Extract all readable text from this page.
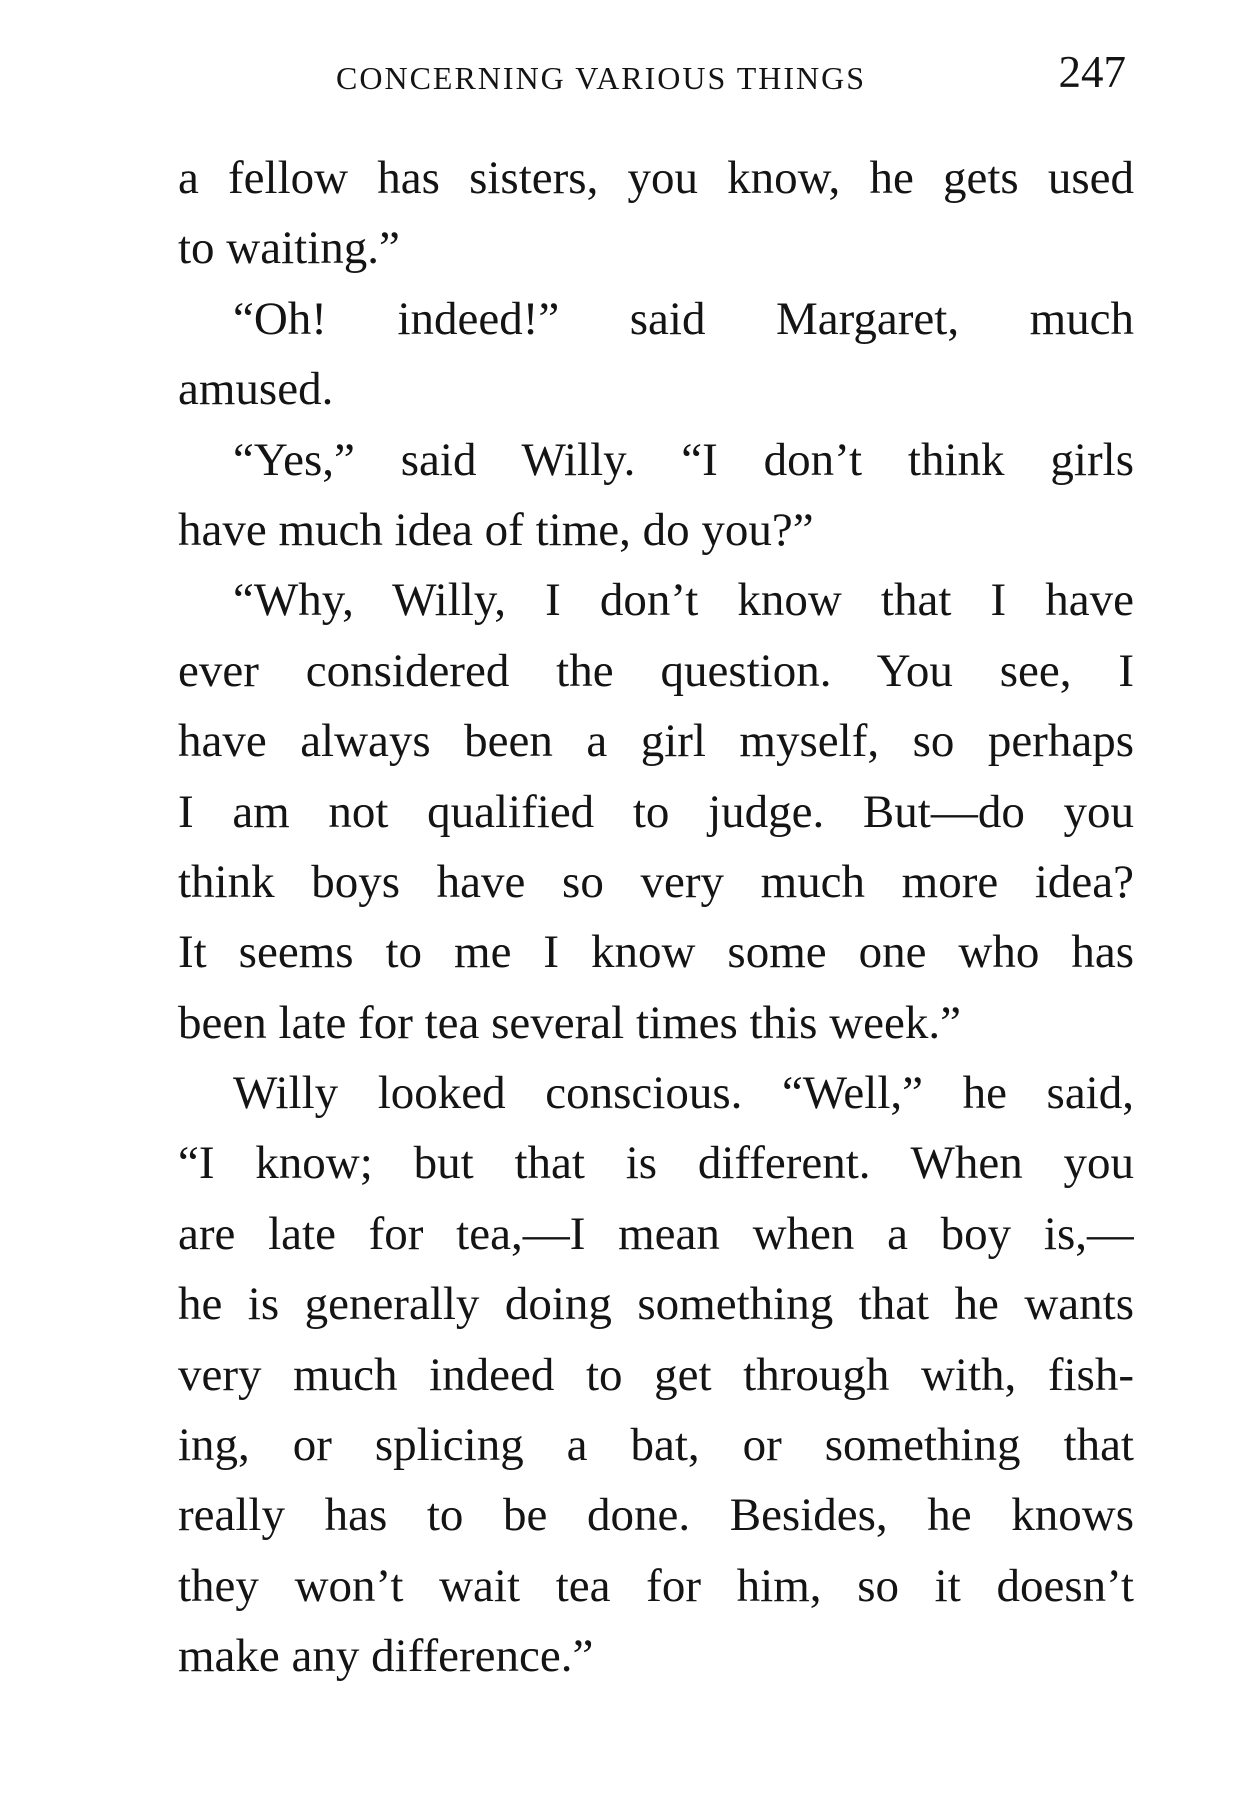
CONCERNING VARIOUS THINGS	247
a fellow has sisters, you know, he gets used
to waiting.”
“Oh! indeed!” said Margaret, much
amused.
“Yes,” said Willy. “I don’t think girls
have much idea of time, do you?”
“Why, Willy, I don’t know that I have
ever considered the question. You see, I
have always been a girl myself, so perhaps
I am not qualified to judge. But—do you
think boys have so very much more idea?
It seems to me I know some one who has
been late for tea several times this week.”
Willy looked conscious. “Well,” he said,
“I know; but that is different. When you
are late for tea,—I mean when a boy is,—
he is generally doing something that he wants
very much indeed to get through with, fish-
ing, or splicing a bat, or something that
really has to be done. Besides, he knows
they won’t wait tea for him, so it doesn’t
make any difference.”
